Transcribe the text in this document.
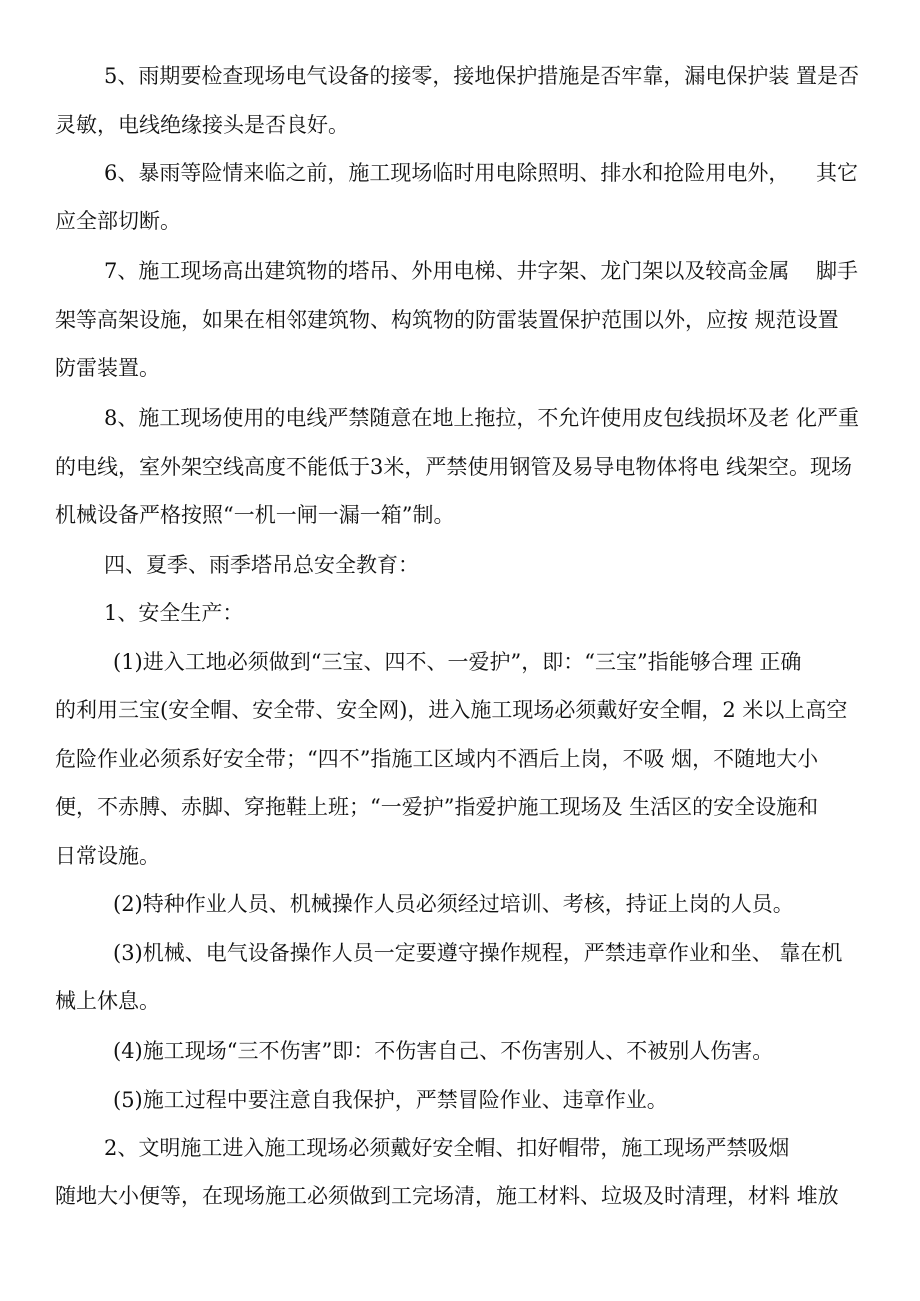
5、雨期要检查现场电气设备的接零，接地保护措施是否牢靠，漏电保护装 置是否
灵敏，电线绝缘接头是否良好。
6、暴雨等险情来临之前，施工现场临时用电除照明、排水和抢险用电外，    其它
应全部切断。
7、施工现场高出建筑物的塔吊、外用电梯、井字架、龙门架以及较高金属    脚手
架等高架设施，如果在相邻建筑物、构筑物的防雷装置保护范围以外，应按 规范设置
防雷装置。
8、施工现场使用的电线严禁随意在地上拖拉，不允许使用皮包线损坏及老 化严重
的电线，室外架空线高度不能低于3米，严禁使用钢管及易导电物体将电 线架空。现场
机械设备严格按照“一机一闸一漏一箱”制。
四、夏季、雨季塔吊总安全教育：
1、安全生产：
(1)进入工地必须做到“三宝、四不、一爱护”，即：“三宝”指能够合理 正确
的利用三宝(安全帽、安全带、安全网)，进入施工现场必须戴好安全帽，2 米以上高空
危险作业必须系好安全带；“四不”指施工区域内不酒后上岗，不吸 烟，不随地大小
便，不赤膊、赤脚、穿拖鞋上班；“一爱护”指爱护施工现场及 生活区的安全设施和
日常设施。
(2)特种作业人员、机械操作人员必须经过培训、考核，持证上岗的人员。
(3)机械、电气设备操作人员一定要遵守操作规程，严禁违章作业和坐、 靠在机
械上休息。
(4)施工现场“三不伤害”即：不伤害自己、不伤害别人、不被别人伤害。
(5)施工过程中要注意自我保护，严禁冒险作业、违章作业。
2、文明施工进入施工现场必须戴好安全帽、扣好帽带，施工现场严禁吸烟
随地大小便等，在现场施工必须做到工完场清，施工材料、垃圾及时清理，材料 堆放
